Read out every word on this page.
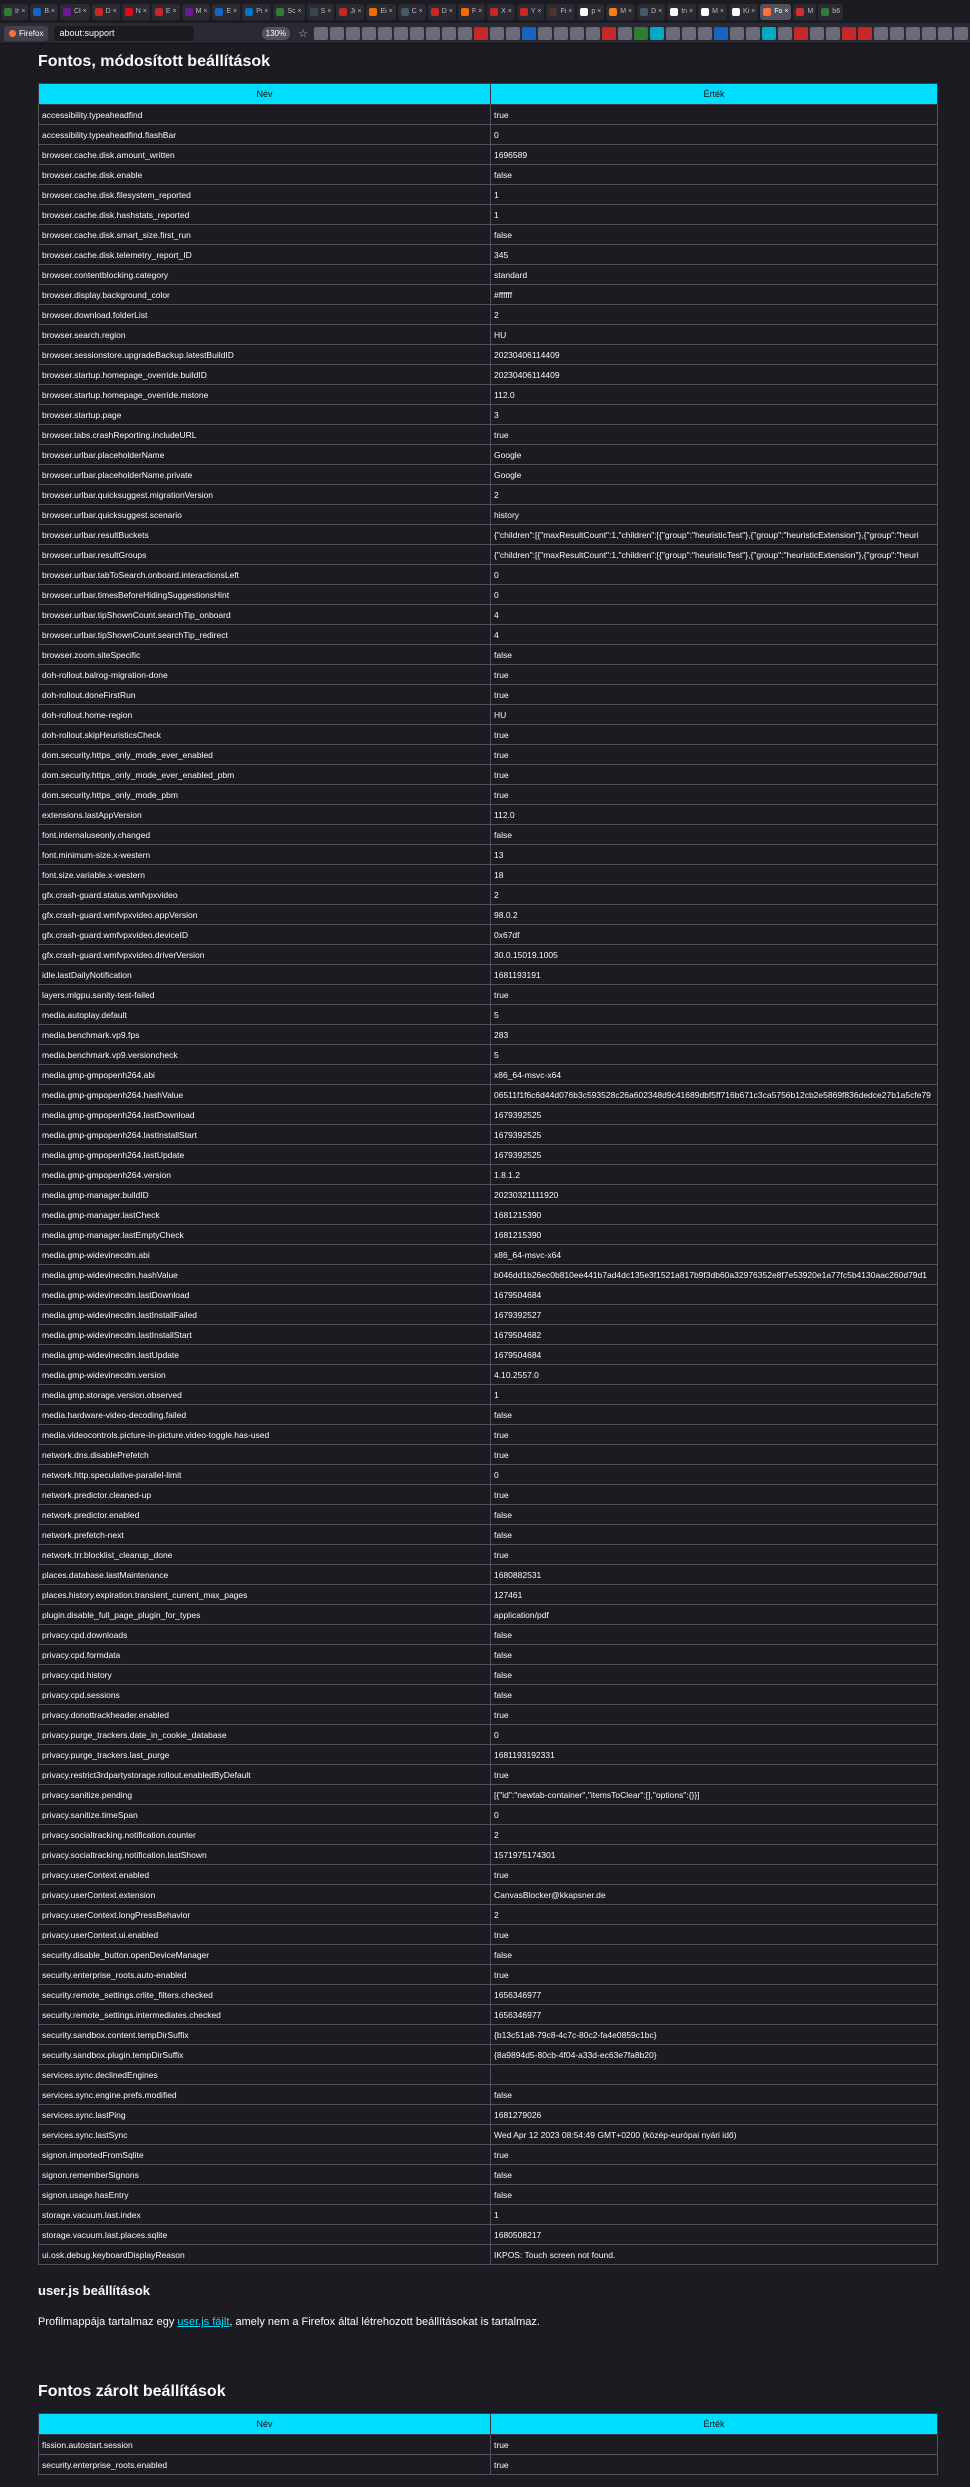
Ir ×	B ×	Cł ×	D ×	N ×	E ×	M ×	E ×	Pi ×	Sc ×	S ×	Ji ×	Ei ×	C ×	D ×	F ×	X ×	Y ×	Fi ×	p ×	M ×	D ×	In ×	M ×	Ki ×	Fo ×	M	b6
Firefox
about:support	130% ☆
Fontos, módosított beállítások
Név	Érték
accessibility.typeaheadfind	true
accessibility.typeaheadfind.flashBar	0
browser.cache.disk.amount_written	1696589
browser.cache.disk.enable	false
browser.cache.disk.filesystem_reported	1
browser.cache.disk.hashstats_reported	1
browser.cache.disk.smart_size.first_run	false
browser.cache.disk.telemetry_report_ID	345
browser.contentblocking.category	standard
browser.display.background_color	#ffffff
browser.download.folderList	2
browser.search.region	HU
browser.sessionstore.upgradeBackup.latestBuildID	20230406114409
browser.startup.homepage_override.buildID	20230406114409
browser.startup.homepage_override.mstone	112.0
browser.startup.page	3
browser.tabs.crashReporting.includeURL	true
browser.urlbar.placeholderName	Google
browser.urlbar.placeholderName.private	Google
browser.urlbar.quicksuggest.migrationVersion	2
browser.urlbar.quicksuggest.scenario	history
browser.urlbar.resultBuckets	{"children":[{"maxResultCount":1,"children":[{"group":"heuristicTest"},{"group":"heuristicExtension"},{"group":"heuri
browser.urlbar.resultGroups	{"children":[{"maxResultCount":1,"children":[{"group":"heuristicTest"},{"group":"heuristicExtension"},{"group":"heuri
browser.urlbar.tabToSearch.onboard.interactionsLeft	0
browser.urlbar.timesBeforeHidingSuggestionsHint	0
browser.urlbar.tipShownCount.searchTip_onboard	4
browser.urlbar.tipShownCount.searchTip_redirect	4
browser.zoom.siteSpecific	false
doh-rollout.balrog-migration-done	true
doh-rollout.doneFirstRun	true
doh-rollout.home-region	HU
doh-rollout.skipHeuristicsCheck	true
dom.security.https_only_mode_ever_enabled	true
dom.security.https_only_mode_ever_enabled_pbm	true
dom.security.https_only_mode_pbm	true
extensions.lastAppVersion	112.0
font.internaluseonly.changed	false
font.minimum-size.x-western	13
font.size.variable.x-western	18
gfx.crash-guard.status.wmfvpxvideo	2
gfx.crash-guard.wmfvpxvideo.appVersion	98.0.2
gfx.crash-guard.wmfvpxvideo.deviceID	0x67df
gfx.crash-guard.wmfvpxvideo.driverVersion	30.0.15019.1005
idle.lastDailyNotification	1681193191
layers.mlgpu.sanity-test-failed	true
media.autoplay.default	5
media.benchmark.vp9.fps	283
media.benchmark.vp9.versioncheck	5
media.gmp-gmpopenh264.abi	x86_64-msvc-x64
media.gmp-gmpopenh264.hashValue	06511f1f6c6d44d076b3c593528c26a602348d9c41689dbf5ff716b671c3ca5756b12cb2e5869f836dedce27b1a5cfe79
media.gmp-gmpopenh264.lastDownload	1679392525
media.gmp-gmpopenh264.lastInstallStart	1679392525
media.gmp-gmpopenh264.lastUpdate	1679392525
media.gmp-gmpopenh264.version	1.8.1.2
media.gmp-manager.buildID	20230321111920
media.gmp-manager.lastCheck	1681215390
media.gmp-manager.lastEmptyCheck	1681215390
media.gmp-widevinecdm.abi	x86_64-msvc-x64
media.gmp-widevinecdm.hashValue	b046dd1b26ec0b810ee441b7ad4dc135e3f1521a817b9f3db60a32976352e8f7e53920e1a77fc5b4130aac260d79d1
media.gmp-widevinecdm.lastDownload	1679504684
media.gmp-widevinecdm.lastInstallFailed	1679392527
media.gmp-widevinecdm.lastInstallStart	1679504682
media.gmp-widevinecdm.lastUpdate	1679504684
media.gmp-widevinecdm.version	4.10.2557.0
media.gmp.storage.version.observed	1
media.hardware-video-decoding.failed	false
media.videocontrols.picture-in-picture.video-toggle.has-used	true
network.dns.disablePrefetch	true
network.http.speculative-parallel-limit	0
network.predictor.cleaned-up	true
network.predictor.enabled	false
network.prefetch-next	false
network.trr.blocklist_cleanup_done	true
places.database.lastMaintenance	1680882531
places.history.expiration.transient_current_max_pages	127461
plugin.disable_full_page_plugin_for_types	application/pdf
privacy.cpd.downloads	false
privacy.cpd.formdata	false
privacy.cpd.history	false
privacy.cpd.sessions	false
privacy.donottrackheader.enabled	true
privacy.purge_trackers.date_in_cookie_database	0
privacy.purge_trackers.last_purge	1681193192331
privacy.restrict3rdpartystorage.rollout.enabledByDefault	true
privacy.sanitize.pending	[{"id":"newtab-container","itemsToClear":[],"options":{}}]
privacy.sanitize.timeSpan	0
privacy.socialtracking.notification.counter	2
privacy.socialtracking.notification.lastShown	1571975174301
privacy.userContext.enabled	true
privacy.userContext.extension	CanvasBlocker@kkapsner.de
privacy.userContext.longPressBehavior	2
privacy.userContext.ui.enabled	true
security.disable_button.openDeviceManager	false
security.enterprise_roots.auto-enabled	true
security.remote_settings.crlite_filters.checked	1656346977
security.remote_settings.intermediates.checked	1656346977
security.sandbox.content.tempDirSuffix	{b13c51a8-79c8-4c7c-80c2-fa4e0859c1bc}
security.sandbox.plugin.tempDirSuffix	{8a9894d5-80cb-4f04-a33d-ec63e7fa8b20}
services.sync.declinedEngines	
services.sync.engine.prefs.modified	false
services.sync.lastPing	1681279026
services.sync.lastSync	Wed Apr 12 2023 08:54:49 GMT+0200 (közép-európai nyári idő)
signon.importedFromSqlite	true
signon.rememberSignons	false
signon.usage.hasEntry	false
storage.vacuum.last.index	1
storage.vacuum.last.places.sqlite	1680508217
ui.osk.debug.keyboardDisplayReason	IKPOS: Touch screen not found.
user.js beállítások

Profilmappája tartalmaz egy user.js fájlt, amely nem a Firefox által létrehozott beállításokat is tartalmaz.

Fontos zárolt beállítások
Név	Érték
fission.autostart.session	true
security.enterprise_roots.enabled	true
